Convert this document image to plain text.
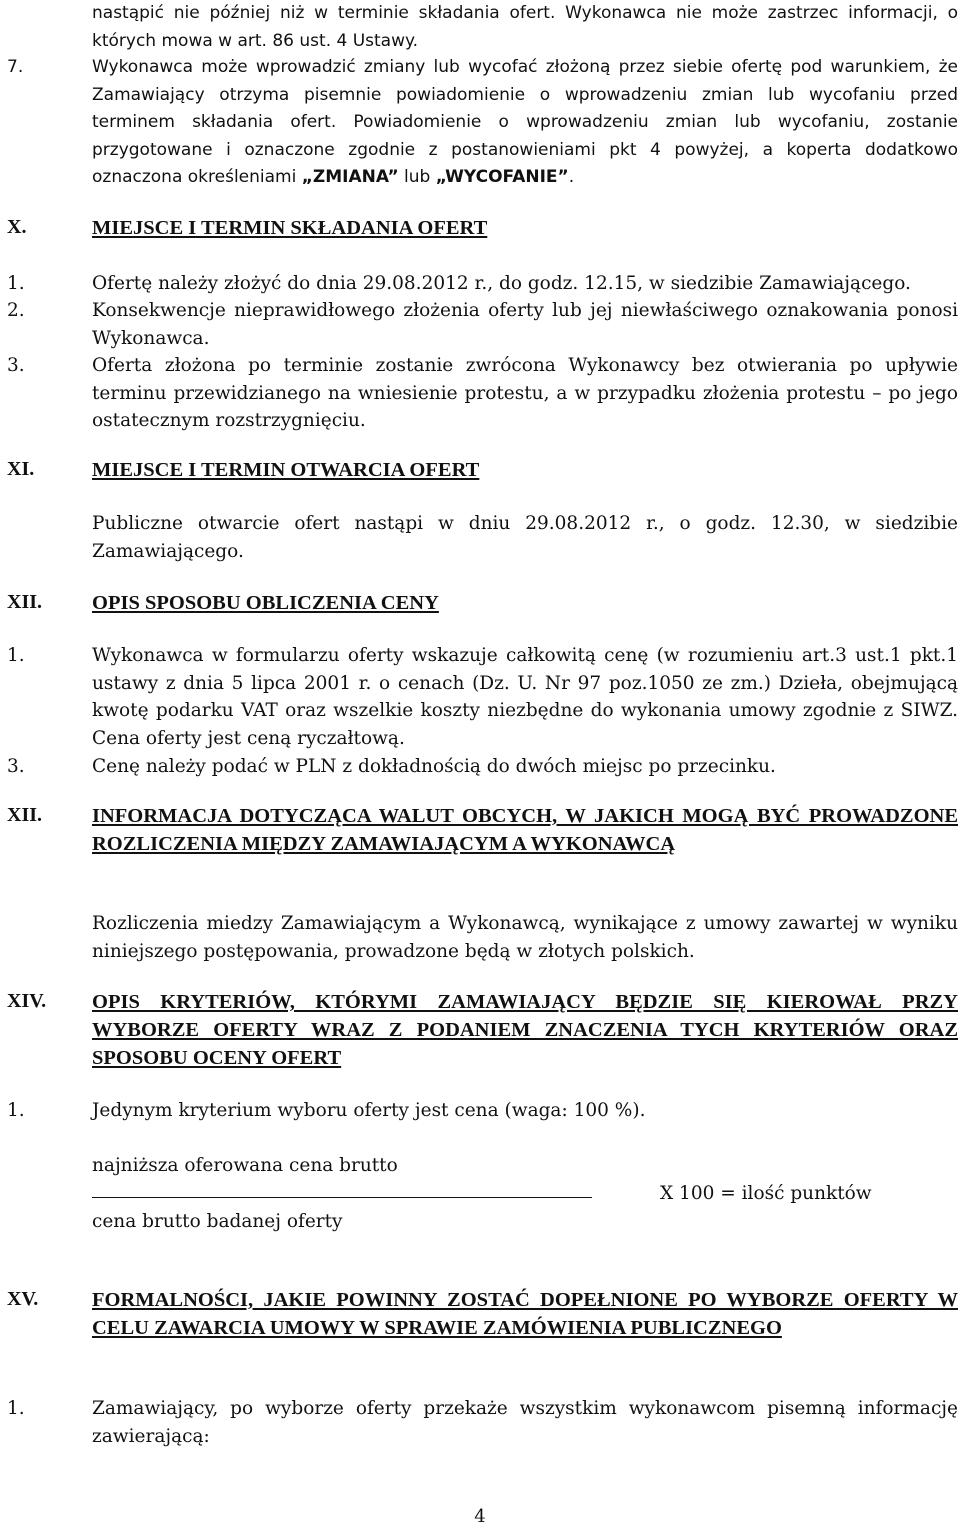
nastąpić nie później niż w terminie składania ofert. Wykonawca nie może zastrzec informacji, o których mowa w art. 86 ust. 4 Ustawy.
7.	Wykonawca może wprowadzić zmiany lub wycofać złożoną przez siebie ofertę pod warunkiem, że Zamawiający otrzyma pisemnie powiadomienie o wprowadzeniu zmian lub wycofaniu przed terminem składania ofert. Powiadomienie o wprowadzeniu zmian lub wycofaniu, zostanie przygotowane i oznaczone zgodnie z postanowieniami pkt 4 powyżej, a koperta dodatkowo oznaczona określeniami „ZMIANA” lub „WYCOFANIE”.
X.	MIEJSCE I TERMIN SKŁADANIA OFERT
1.	Ofertę należy złożyć do dnia 29.08.2012 r., do godz. 12.15, w siedzibie Zamawiającego.
2.	Konsekwencje nieprawidłowego złożenia oferty lub jej niewłaściwego oznakowania ponosi Wykonawca.
3.	Oferta złożona po terminie zostanie zwrócona Wykonawcy bez otwierania po upływie terminu przewidzianego na wniesienie protestu, a w przypadku złożenia protestu – po jego ostatecznym rozstrzygnięciu.
XI.	MIEJSCE I TERMIN OTWARCIA OFERT
Publiczne otwarcie ofert nastąpi w dniu 29.08.2012 r., o godz. 12.30, w siedzibie Zamawiającego.
XII. OPIS SPOSOBU OBLICZENIA CENY
1.	Wykonawca w formularzu oferty wskazuje całkowitą cenę (w rozumieniu art.3 ust.1 pkt.1 ustawy z dnia 5 lipca 2001 r. o cenach (Dz. U. Nr 97 poz.1050 ze zm.) Dzieła, obejmującą kwotę podarku VAT oraz wszelkie koszty niezbędne do wykonania umowy zgodnie z SIWZ. Cena oferty jest ceną ryczałtową.
3.	Cenę należy podać w PLN z dokładnością do dwóch miejsc po przecinku.
XII. INFORMACJA DOTYCZĄCA WALUT OBCYCH, W JAKICH MOGĄ BYĆ PROWADZONE ROZLICZENIA MIĘDZY ZAMAWIAJĄCYM A WYKONAWCĄ
Rozliczenia miedzy Zamawiającym a Wykonawcą, wynikające z umowy zawartej w wyniku niniejszego postępowania, prowadzone będą w złotych polskich.
XIV. OPIS KRYTERIÓW, KTÓRYMI ZAMAWIAJĄCY BĘDZIE SIĘ KIEROWAŁ PRZY WYBORZE OFERTY WRAZ Z PODANIEM ZNACZENIA TYCH KRYTERIÓW ORAZ SPOSOBU OCENY OFERT
1.	Jedynym kryterium wyboru oferty jest cena (waga: 100 %).
najniższa oferowana cena brutto
cena brutto badanej oferty
X 100 = ilość punktów
XV.	FORMALNOŚCI, JAKIE POWINNY ZOSTAĆ DOPEŁNIONE PO WYBORZE OFERTY W CELU ZAWARCIA UMOWY W SPRAWIE ZAMÓWIENIA PUBLICZNEGO
1.	Zamawiający, po wyborze oferty przekaże wszystkim wykonawcom pisemną informację zawierającą:
4
